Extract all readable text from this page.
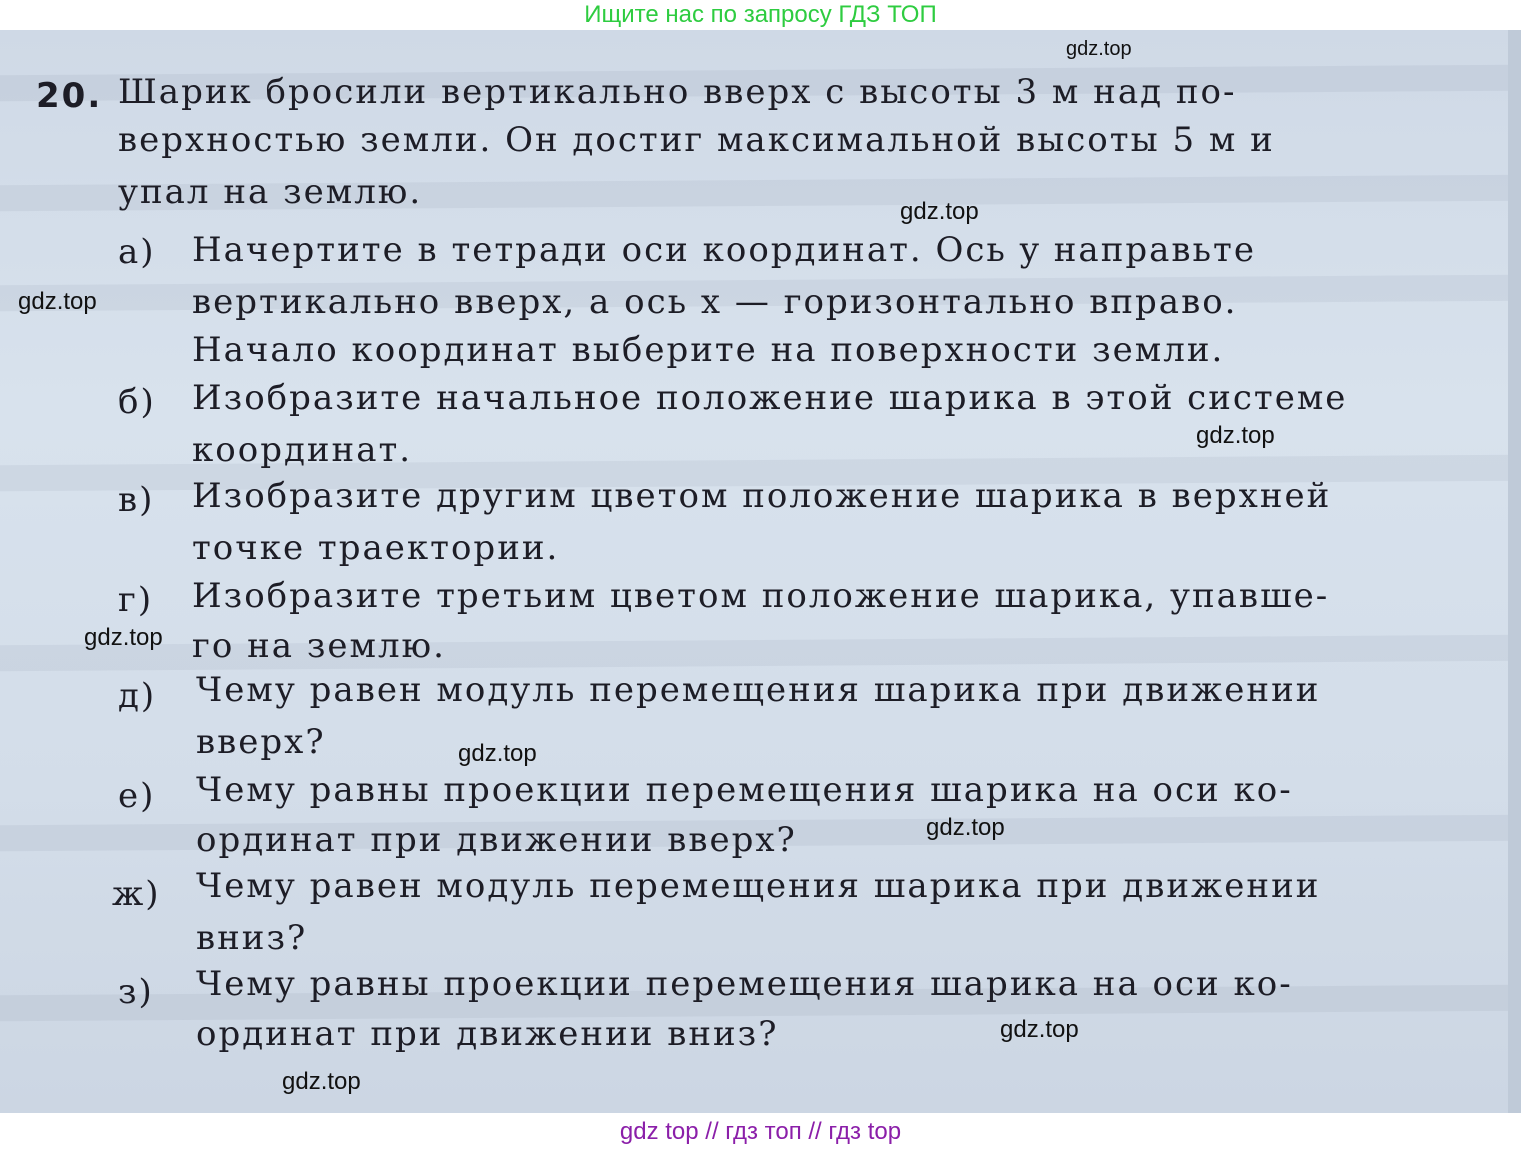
Ищите нас по запросу ГДЗ ТОП
20. Шарик бросили вертикально вверх с высоты 3 м над по-
верхностью земли. Он достиг максимальной высоты 5 м и
упал на землю.
а) Начертите в тетради оси координат. Ось y направьте
вертикально вверх, а ось x — горизонтально вправо.
Начало координат выберите на поверхности земли.
б) Изобразите начальное положение шарика в этой системе
координат.
в) Изобразите другим цветом положение шарика в верхней
точке траектории.
г) Изобразите третьим цветом положение шарика, упавше-
го на землю.
д) Чему равен модуль перемещения шарика при движении
вверх?
е) Чему равны проекции перемещения шарика на оси ко-
ординат при движении вверх?
ж) Чему равен модуль перемещения шарика при движении
вниз?
з) Чему равны проекции перемещения шарика на оси ко-
ординат при движении вниз?
gdz.top
gdz.top
gdz.top
gdz.top
gdz.top
gdz.top
gdz.top
gdz.top
gdz.top
gdz top // гдз топ // гдз top
